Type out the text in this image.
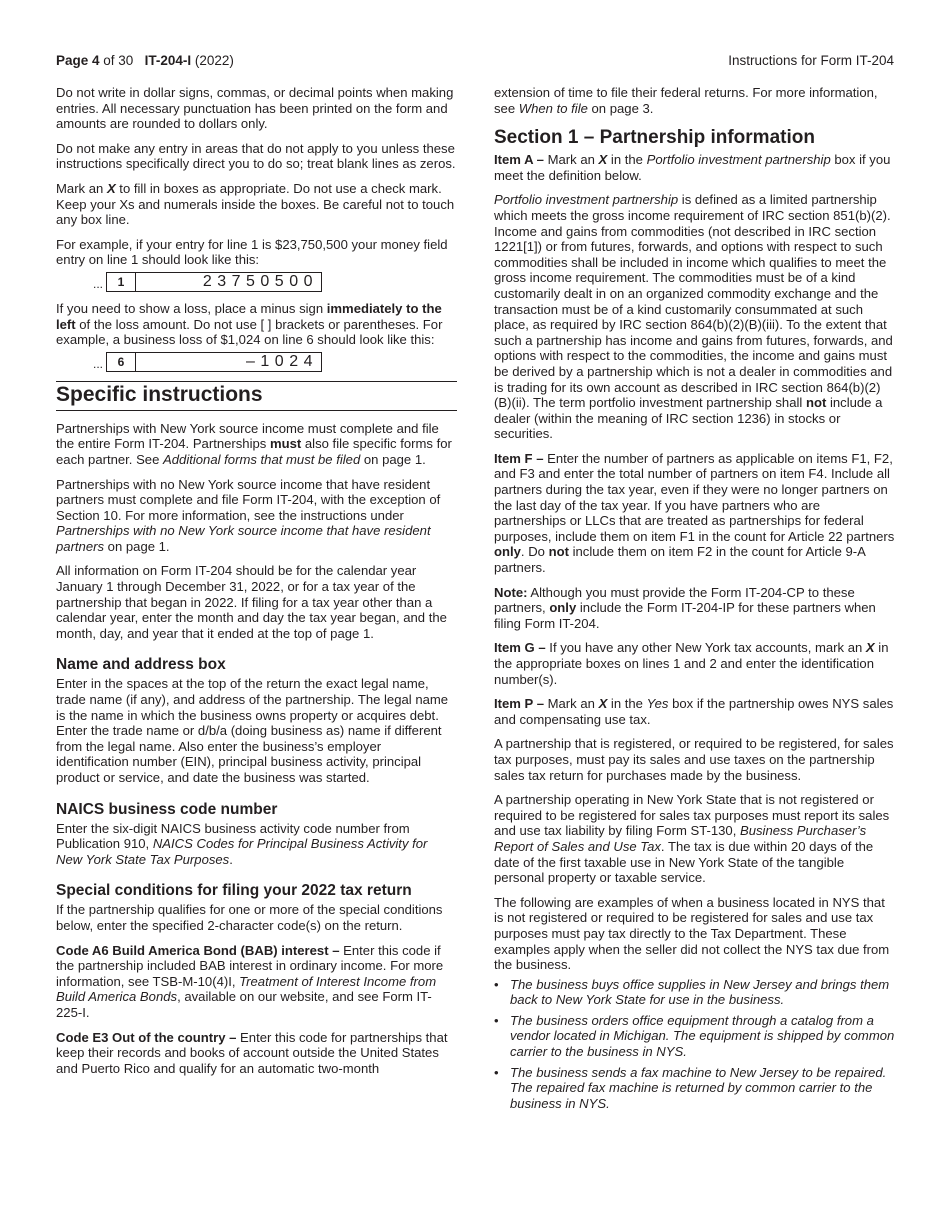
Page 4 of 30 IT-204-I (2022)	Instructions for Form IT-204

Do not write in dollar signs, commas, or decimal points when making entries. All necessary punctuation has been printed on the form and amounts are rounded to dollars only.

Do not make any entry in areas that do not apply to you unless these instructions specifically direct you to do so; treat blank lines as zeros.

Mark an X to fill in boxes as appropriate. Do not use a check mark. Keep your Xs and numerals inside the boxes. Be careful not to touch any box line.

For example, if your entry for line 1 is $23,750,500 your money field entry on line 1 should look like this:

...	1	23750500

If you need to show a loss, place a minus sign immediately to the left of the loss amount. Do not use [ ] brackets or parentheses. For example, a business loss of $1,024 on line 6 should look like this:

...	6	–1024
Specific instructions

Partnerships with New York source income must complete and file the entire Form IT-204. Partnerships must also file specific forms for each partner. See Additional forms that must be filed on page 1.

Partnerships with no New York source income that have resident partners must complete and file Form IT-204, with the exception of Section 10. For more information, see the instructions under Partnerships with no New York source income that have resident partners on page 1.

All information on Form IT-204 should be for the calendar year January 1 through December 31, 2022, or for a tax year of the partnership that began in 2022. If filing for a tax year other than a calendar year, enter the month and day the tax year began, and the month, day, and year that it ended at the top of page 1.

Name and address box

Enter in the spaces at the top of the return the exact legal name, trade name (if any), and address of the partnership. The legal name is the name in which the business owns property or acquires debt. Enter the trade name or d/b/a (doing business as) name if different from the legal name. Also enter the business’s employer identification number (EIN), principal business activity, principal product or service, and date the business was started.

NAICS business code number

Enter the six-digit NAICS business activity code number from Publication 910, NAICS Codes for Principal Business Activity for New York State Tax Purposes.

Special conditions for filing your 2022 tax return

If the partnership qualifies for one or more of the special conditions below, enter the specified 2-character code(s) on the return.

Code A6 Build America Bond (BAB) interest – Enter this code if the partnership included BAB interest in ordinary income. For more information, see TSB-M-10(4)I, Treatment of Interest Income from Build America Bonds, available on our website, and see Form IT-225-I.

Code E3 Out of the country – Enter this code for partnerships that keep their records and books of account outside the United States and Puerto Rico and qualify for an automatic two-month

extension of time to file their federal returns. For more information, see When to file on page 3.

Section 1 – Partnership information

Item A – Mark an X in the Portfolio investment partnership box if you meet the definition below.

Portfolio investment partnership is defined as a limited partnership which meets the gross income requirement of IRC section 851(b)(2). Income and gains from commodities (not described in IRC section 1221[1]) or from futures, forwards, and options with respect to such commodities shall be included in income which qualifies to meet the gross income requirement. The commodities must be of a kind customarily dealt in on an organized commodity exchange and the transaction must be of a kind customarily consummated at such place, as required by IRC section 864(b)(2)(B)(iii). To the extent that such a partnership has income and gains from futures, forwards, and options with respect to the commodities, the income and gains must be derived by a partnership which is not a dealer in commodities and is trading for its own account as described in IRC section 864(b)(2)(B)(ii). The term portfolio investment partnership shall not include a dealer (within the meaning of IRC section 1236) in stocks or securities.

Item F – Enter the number of partners as applicable on items F1, F2, and F3 and enter the total number of partners on item F4. Include all partners during the tax year, even if they were no longer partners on the last day of the tax year. If you have partners who are partnerships or LLCs that are treated as partnerships for federal purposes, include them on item F1 in the count for Article 22 partners only. Do not include them on item F2 in the count for Article 9-A partners.

Note: Although you must provide the Form IT-204-CP to these partners, only include the Form IT-204-IP for these partners when filing Form IT-204.

Item G – If you have any other New York tax accounts, mark an X in the appropriate boxes on lines 1 and 2 and enter the identification number(s).

Item P – Mark an X in the Yes box if the partnership owes NYS sales and compensating use tax.

A partnership that is registered, or required to be registered, for sales tax purposes, must pay its sales and use taxes on the partnership sales tax return for purchases made by the business.

A partnership operating in New York State that is not registered or required to be registered for sales tax purposes must report its sales and use tax liability by filing Form ST-130, Business Purchaser’s Report of Sales and Use Tax. The tax is due within 20 days of the date of the first taxable use in New York State of the tangible personal property or taxable service.

The following are examples of when a business located in NYS that is not registered or required to be registered for sales and use tax purposes must pay tax directly to the Tax Department. These examples apply when the seller did not collect the NYS tax due from the business.

• The business buys office supplies in New Jersey and brings them back to New York State for use in the business.
• The business orders office equipment through a catalog from a vendor located in Michigan. The equipment is shipped by common carrier to the business in NYS.
• The business sends a fax machine to New Jersey to be repaired. The repaired fax machine is returned by common carrier to the business in NYS.
